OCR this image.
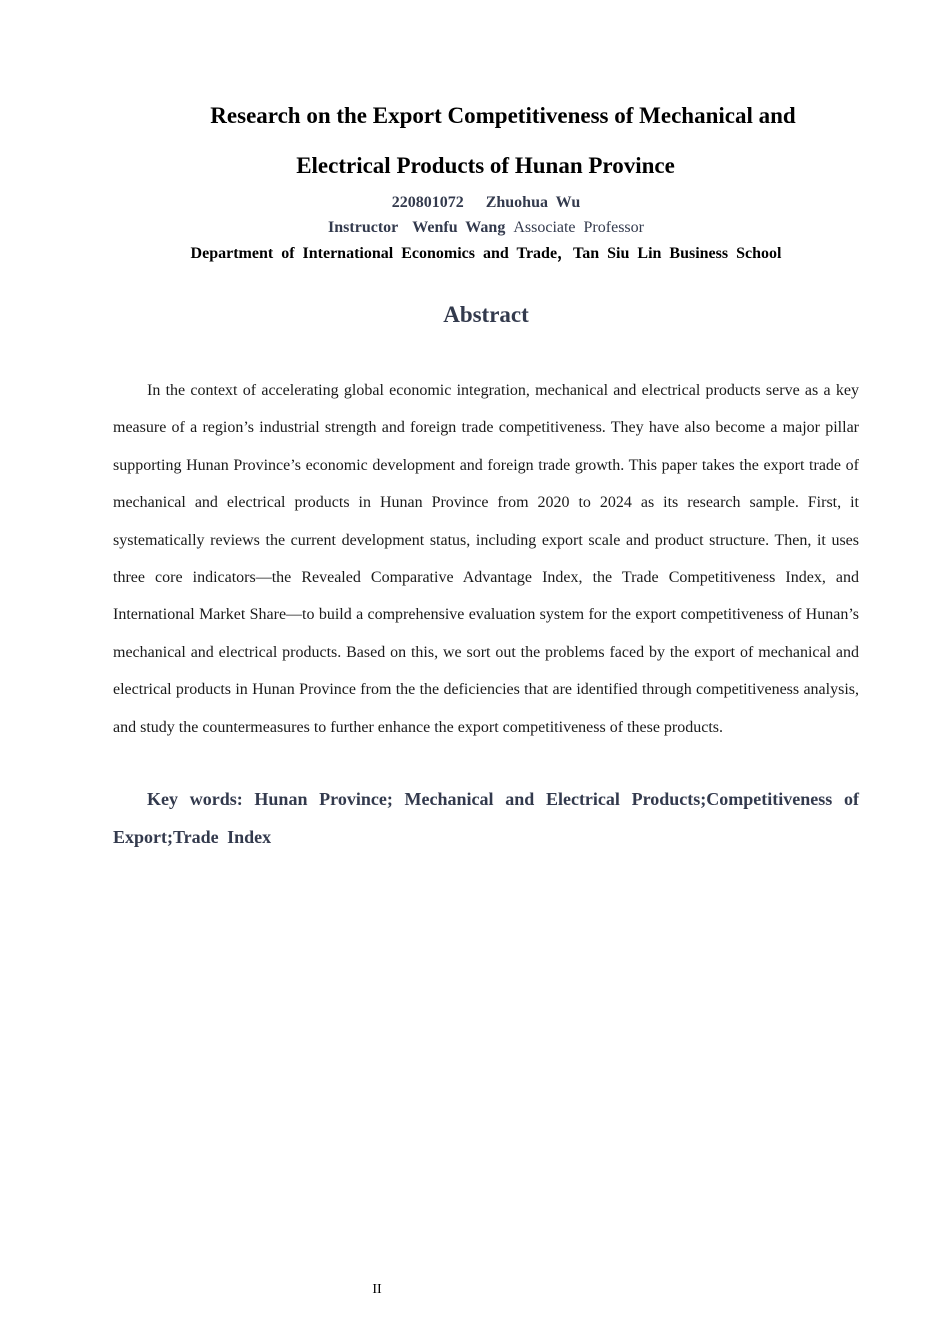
Research on the Export Competitiveness of Mechanical and
Electrical Products of Hunan Province
220801072 Zhuohua  Wu
Instructor Wenfu  Wang Associate  Professor
Department  of  International  Economics  and  Trade，Tan  Siu  Lin  Business  School
Abstract

In the context of accelerating global economic integration, mechanical and electrical products serve as a key measure of a region’s industrial strength and foreign trade competitiveness. They have also become a major pillar supporting Hunan Province’s economic development and foreign trade growth. This paper takes the export trade of mechanical and electrical products in Hunan Province from 2020 to 2024 as its research sample. First, it systematically reviews the current development status, including export scale and product structure. Then, it uses three core indicators—the Revealed Comparative Advantage Index, the Trade Competitiveness Index, and International Market Share—to build a comprehensive evaluation system for the export competitiveness of Hunan’s mechanical and electrical products. Based on this, we sort out the problems faced by the export of mechanical and electrical products in Hunan Province from the the deficiencies that are identified through competitiveness analysis, and study the countermeasures to further enhance the export competitiveness of these products.

Key words: Hunan Province; Mechanical and Electrical Products;Competitiveness of Export;Trade Index

II
